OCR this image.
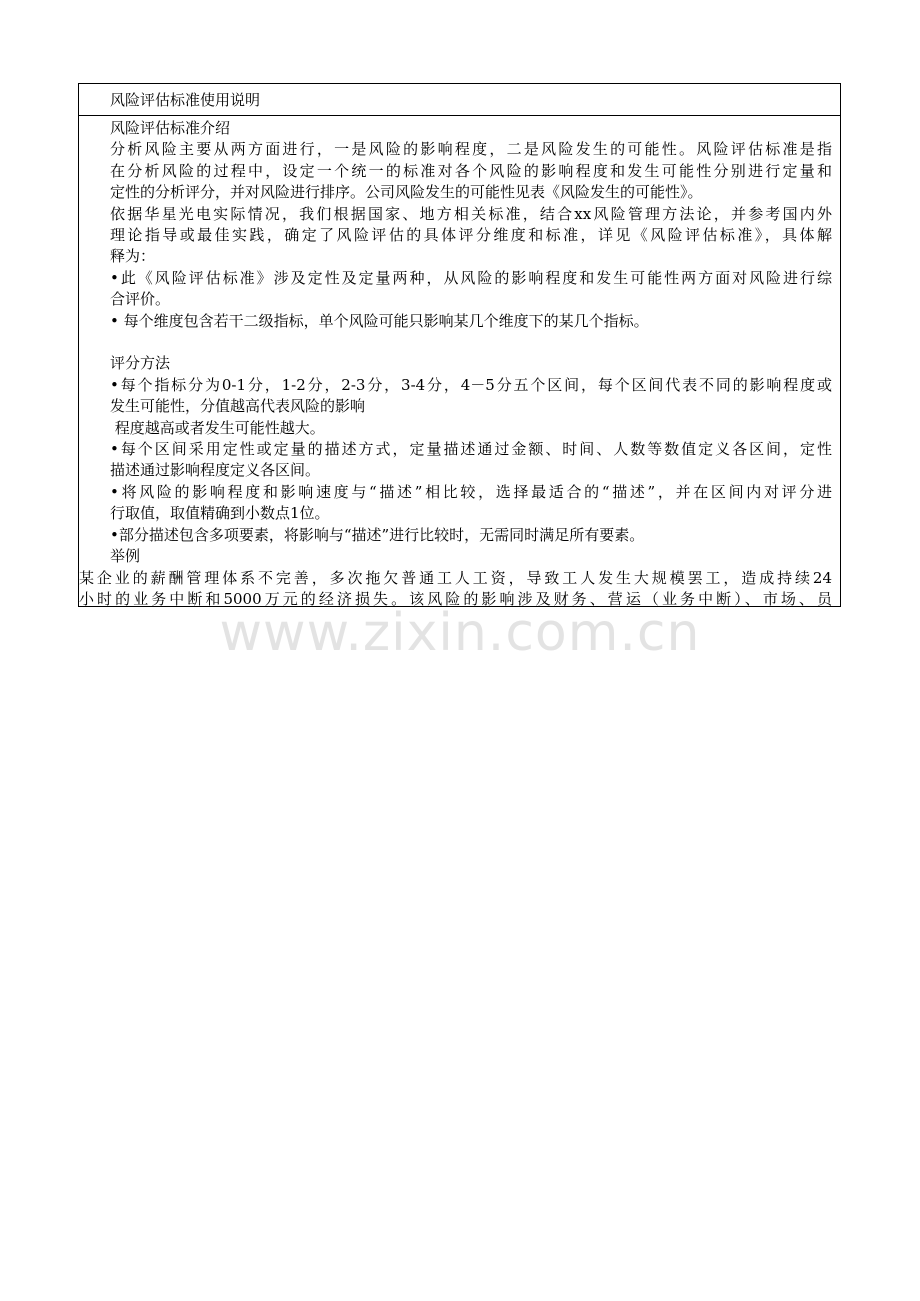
风险评估标准使用说明
风险评估标准介绍
分析风险主要从两方面进行，一是风险的影响程度，二是风险发生的可能性。风险评估标准是指
在分析风险的过程中，设定一个统一的标准对各个风险的影响程度和发生可能性分别进行定量和
定性的分析评分，并对风险进行排序。公司风险发生的可能性见表《风险发生的可能性》。
依据华星光电实际情况，我们根据国家、地方相关标准，结合xx风险管理方法论，并参考国内外
理论指导或最佳实践，确定了风险评估的具体评分维度和标准，详见《风险评估标准》，具体解
释为：
•此《风险评估标准》涉及定性及定量两种，从风险的影响程度和发生可能性两方面对风险进行综
合评价。
• 每个维度包含若干二级指标，单个风险可能只影响某几个维度下的某几个指标。
评分方法
•每个指标分为0-1分，1-2分，2-3分，3-4分，4－5分五个区间，每个区间代表不同的影响程度或
发生可能性，分值越高代表风险的影响
程度越高或者发生可能性越大。
•每个区间采用定性或定量的描述方式，定量描述通过金额、时间、人数等数值定义各区间，定性
描述通过影响程度定义各区间。
•将风险的影响程度和影响速度与“描述”相比较，选择最适合的“描述”，并在区间内对评分进
行取值，取值精确到小数点1位。
•部分描述包含多项要素，将影响与“描述”进行比较时，无需同时满足所有要素。
举例
某企业的薪酬管理体系不完善，多次拖欠普通工人工资，导致工人发生大规模罢工，造成持续24
小时的业务中断和5000万元的经济损失。该风险的影响涉及财务、营运（业务中断）、市场、员
www.zixin.com.cn
